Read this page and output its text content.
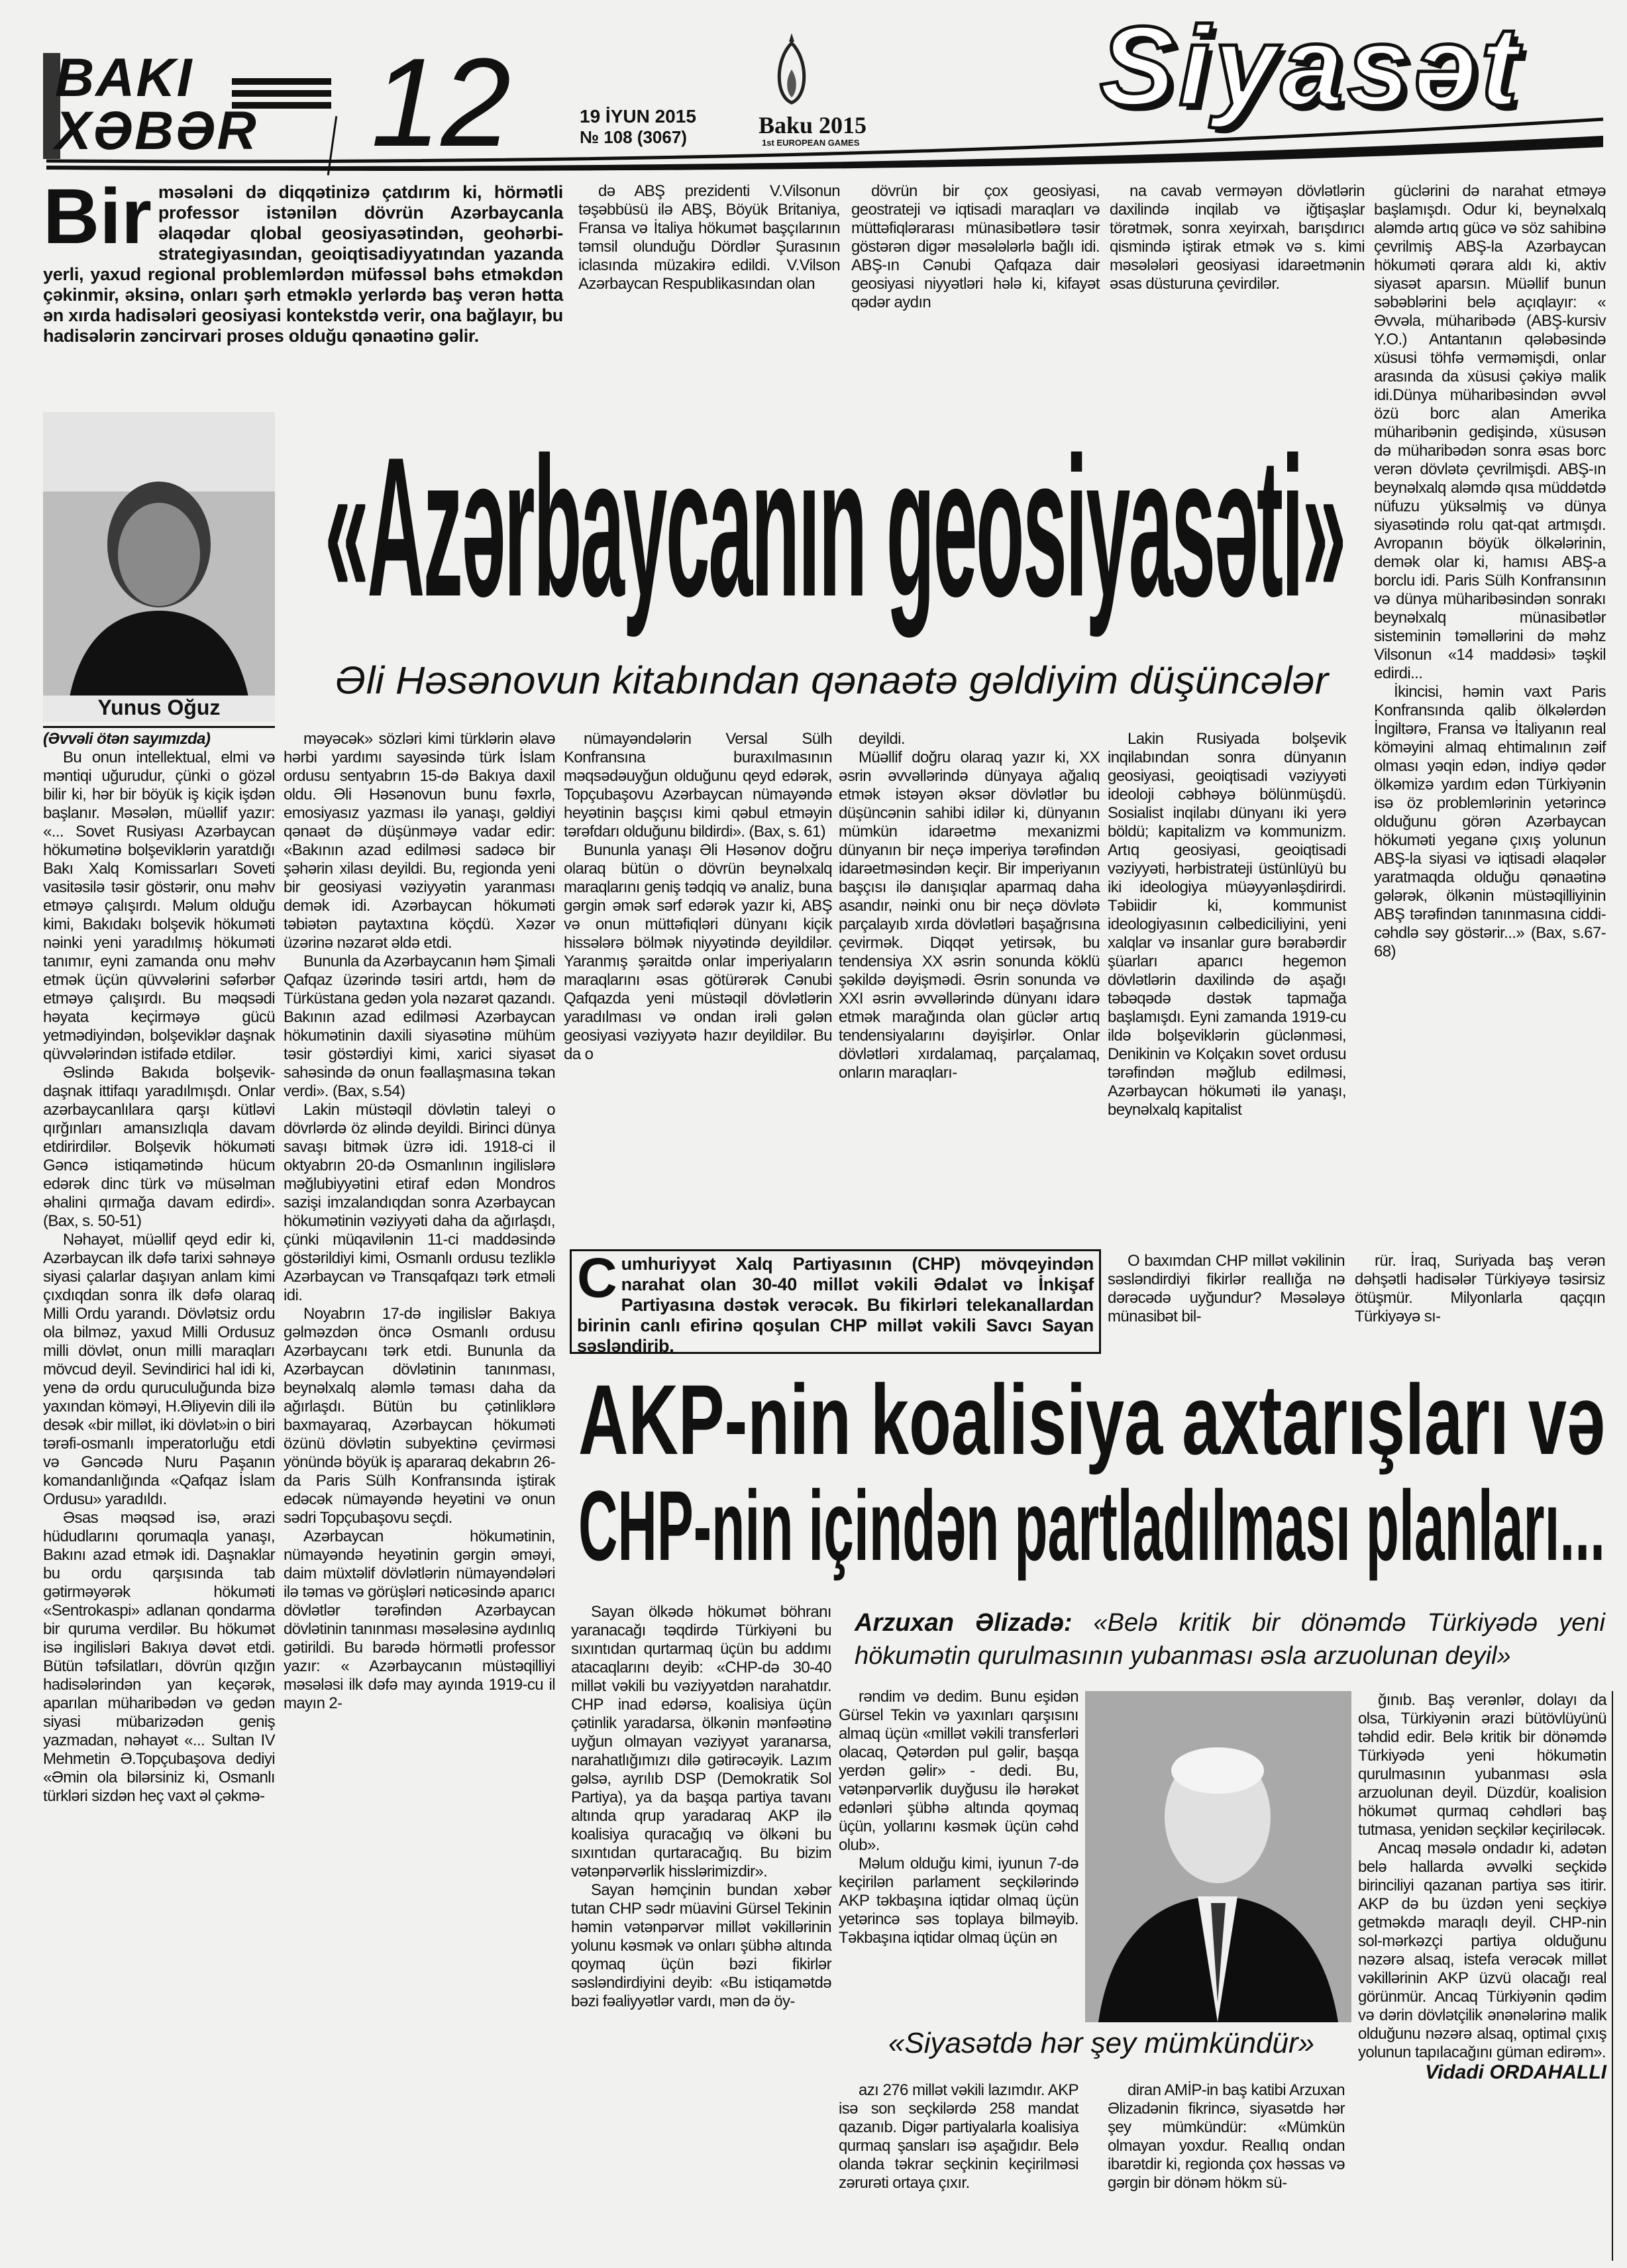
BAKI
XƏBƏR 12	19 İYUN 2015
№ 108 (3067)	Baku 2015
1st EUROPEAN GAMES
Siyasət
Bir məsələni də diqqətinizə çatdırım ki, hörmətli professor istənilən dövrün Azərbaycanla əlaqədar qlobal geosiyasətindən, geohərbi-strategiyasından, geoiqtisadiyyatından yazanda yerli, yaxud regional problemlərdən müfəssəl bəhs etməkdən çəkinmir, əksinə, onları şərh etməklə yerlərdə baş verən hətta ən xırda hadisələri geosiyasi kontekstdə verir, ona bağlayır, bu hadisələrin zəncirvari proses olduğu qənaətinə gəlir.

də ABŞ prezidenti V.Vilsonun təşəbbüsü ilə ABŞ, Böyük Britaniya, Fransa və İtaliya hökumət başçılarının təmsil olunduğu Dördlər Şurasının iclasında müzakirə edildi. V.Vilson Azərbaycan Respublikasından olan

dövrün bir çox geosiyasi, geostrateji və iqtisadi maraqları və müttəfiqlərarası münasibətlərə təsir göstərən digər məsələlərlə bağlı idi. ABŞ-ın Cənubi Qafqaza dair geosiyasi niyyətləri hələ ki, kifayət qədər aydın

na cavab verməyən dövlətlərin daxilində inqilab və iğtişaşlar törətmək, sonra xeyirxah, barışdırıcı qismində iştirak etmək və s. kimi məsələləri geosiyasi idarəetmənin əsas düsturuna çevirdilər.

güclərini də narahat etməyə başlamışdı. Odur ki, beynəlxalq aləmdə artıq gücə və söz sahibinə çevrilmiş ABŞ-la Azərbaycan hökuməti qərara aldı ki, aktiv siyasət aparsın. Müəllif bunun səbəblərini belə açıqlayır: « Əvvəla, müharibədə (ABŞ-kursiv Y.O.) Antantanın qələbəsində xüsusi töhfə verməmişdi, onlar arasında da xüsusi çəkiyə malik idi.Dünya müharibəsindən əvvəl özü borc alan Amerika müharibənin gedişində, xüsusən də müharibədən sonra əsas borc verən dövlətə çevrilmişdi. ABŞ-ın beynəlxalq aləmdə qısa müddətdə nüfuzu yüksəlmiş və dünya siyasətində rolu qat-qat artmışdı. Avropanın böyük ölkələrinin, demək olar ki, hamısı ABŞ-a borclu idi. Paris Sülh Konfransının və dünya müharibəsindən sonrakı beynəlxalq münasibətlər sisteminin təməllərini də məhz Vilsonun «14 maddəsi» təşkil edirdi...

İkincisi, həmin vaxt Paris Konfransında qalib ölkələrdən İngiltərə, Fransa və İtaliyanın real köməyini almaq ehtimalının zəif olması yəqin edən, indiyə qədər ölkəmizə yardım edən Türkiyənin isə öz problemlərinin yetərincə olduğunu görən Azərbaycan hökuməti yeganə çıxış yolunun ABŞ-la siyasi və iqtisadi əlaqələr yaratmaqda olduğu qənaətinə gələrək, ölkənin müstəqilliyinin ABŞ tərəfindən tanınmasına ciddi-cəhdlə səy göstərir...» (Bax, s.67-68)

Yunus Oğuz
«Azərbaycanın geosiyasəti»
Əli Həsənovun kitabından qənaətə gəldiyim düşüncələr

(Əvvəli ötən sayımızda)

Bu onun intellektual, elmi və məntiqi uğurudur, çünki o gözəl bilir ki, hər bir böyük iş kiçik işdən başlanır. Məsələn, müəllif yazır: «... Sovet Rusiyası Azərbaycan hökumətinə bolşeviklərin yaratdığı Bakı Xalq Komissarları Soveti vasitəsilə təsir göstərir, onu məhv etməyə çalışırdı. Məlum olduğu kimi, Bakıdakı bolşevik hökuməti nəinki yeni yaradılmış hökuməti tanımır, eyni zamanda onu məhv etmək üçün qüvvələrini səfərbər etməyə çalışırdı. Bu məqsədi həyata keçirməyə gücü yetmədiyindən, bolşeviklər daşnak qüvvələrindən istifadə etdilər.

Əslində Bakıda bolşevik-daşnak ittifaqı yaradılmışdı. Onlar azərbaycanlılara qarşı kütləvi qırğınları amansızlıqla davam etdirirdilər. Bolşevik hökuməti Gəncə istiqamətində hücum edərək dinc türk və müsəlman əhalini qırmağa davam edirdi». (Bax, s. 50-51)

Nəhayət, müəllif qeyd edir ki, Azərbaycan ilk dəfə tarixi səhnəyə siyasi çalarlar daşıyan anlam kimi çıxdıqdan sonra ilk dəfə olaraq Milli Ordu yarandı. Dövlətsiz ordu ola bilməz, yaxud Milli Ordusuz milli dövlət, onun milli maraqları mövcud deyil. Sevindirici hal idi ki, yenə də ordu quruculuğunda bizə yaxından köməyi, H.Əliyevin dili ilə desək «bir millət, iki dövlət»in o biri tərəfi-osmanlı imperatorluğu etdi və Gəncədə Nuru Paşanın komandanlığında «Qafqaz İslam Ordusu» yaradıldı.

Əsas məqsəd isə, ərazi hüdudlarını qorumaqla yanaşı, Bakını azad etmək idi. Daşnaklar bu ordu qarşısında tab gətirməyərək hökuməti «Sentrokaspi» adlanan qondarma bir quruma verdilər. Bu hökumət isə ingilisləri Bakıya dəvət etdi. Bütün təfsilatları, dövrün qızğın hadisələrindən yan keçərək, aparılan müharibədən və gedən siyasi mübarizədən geniş yazmadan, nəhayət «... Sultan IV Mehmetin Ə.Topçubaşova dediyi «Əmin ola bilərsiniz ki, Osmanlı türkləri sizdən heç vaxt əl çəkmə-

məyəcək» sözləri kimi türklərin əlavə hərbi yardımı sayəsində türk İslam ordusu sentyabrın 15-də Bakıya daxil oldu. Əli Həsənovun bunu fəxrlə, emosiyasız yazması ilə yanaşı, gəldiyi qənaət də düşünməyə vadar edir: «Bakının azad edilməsi sadəcə bir şəhərin xilası deyildi. Bu, regionda yeni bir geosiyasi vəziyyətin yaranması demək idi. Azərbaycan hökuməti təbiətən paytaxtına köçdü. Xəzər üzərinə nəzarət əldə etdi.

Bununla da Azərbaycanın həm Şimali Qafqaz üzərində təsiri artdı, həm də Türküstana gedən yola nəzarət qazandı. Bakının azad edilməsi Azərbaycan hökumətinin daxili siyasətinə mühüm təsir göstərdiyi kimi, xarici siyasət sahəsində də onun fəallaşmasına təkan verdi». (Bax, s.54)

Lakin müstəqil dövlətin taleyi o dövrlərdə öz əlində deyildi. Birinci dünya savaşı bitmək üzrə idi. 1918-ci il oktyabrın 20-də Osmanlının ingilislərə məğlubiyyətini etiraf edən Mondros sazişi imzalandıqdan sonra Azərbaycan hökumətinin vəziyyəti daha da ağırlaşdı, çünki müqavilənin 11-ci maddəsində göstərildiyi kimi, Osmanlı ordusu tezliklə Azərbaycan və Transqafqazı tərk etməli idi.

Noyabrın 17-də ingilislər Bakıya gəlməzdən öncə Osmanlı ordusu Azərbaycanı tərk etdi. Bununla da Azərbaycan dövlətinin tanınması, beynəlxalq aləmlə təması daha da ağırlaşdı. Bütün bu çətinliklərə baxmayaraq, Azərbaycan hökuməti özünü dövlətin subyektinə çevirməsi yönündə böyük iş apararaq dekabrın 26-da Paris Sülh Konfransında iştirak edəcək nümayəndə heyətini və onun sədri Topçubaşovu seçdi.

Azərbaycan hökumətinin, nümayəndə heyətinin gərgin əməyi, daim müxtəlif dövlətlərin nümayəndələri ilə təmas və görüşləri nəticəsində aparıcı dövlətlər tərəfindən Azərbaycan dövlətinin tanınması məsələsinə aydınlıq gətirildi. Bu barədə hörmətli professor yazır: « Azərbaycanın müstəqilliyi məsələsi ilk dəfə may ayında 1919-cu il mayın 2-

nümayəndələrin Versal Sülh Konfransına buraxılmasının məqsədəuyğun olduğunu qeyd edərək, Topçubaşovu Azərbaycan nümayəndə heyətinin başçısı kimi qəbul etməyin tərəfdarı olduğunu bildirdi». (Bax, s. 61)

Bununla yanaşı Əli Həsənov doğru olaraq bütün o dövrün beynəlxalq maraqlarını geniş tədqiq və analiz, buna gərgin əmək sərf edərək yazır ki, ABŞ və onun müttəfiqləri dünyanı kiçik hissələrə bölmək niyyətində deyildilər. Yaranmış şəraitdə onlar imperiyaların maraqlarını əsas götürərək Cənubi Qafqazda yeni müstəqil dövlətlərin yaradılması və ondan irəli gələn geosiyasi vəziyyətə hazır deyildilər. Bu da o

deyildi.

Müəllif doğru olaraq yazır ki, XX əsrin əvvəllərində dünyaya ağalıq etmək istəyən əksər dövlətlər bu düşüncənin sahibi idilər ki, dünyanın mümkün idarəetmə mexanizmi dünyanın bir neçə imperiya tərəfindən idarəetməsindən keçir. Bir imperiyanın başçısı ilə danışıqlar aparmaq daha asandır, nəinki onu bir neçə dövlətə parçalayıb xırda dövlətləri başağrısına çevirmək. Diqqət yetirsək, bu tendensiya XX əsrin sonunda köklü şəkildə dəyişmədi. Əsrin sonunda və XXI əsrin əvvəllərində dünyanı idarə etmək marağında olan güclər artıq tendensiyalarını dəyişirlər. Onlar dövlətləri xırdalamaq, parçalamaq, onların maraqları-

Lakin Rusiyada bolşevik inqilabından sonra dünyanın geosiyasi, geoiqtisadi vəziyyəti ideoloji cəbhəyə bölünmüşdü. Sosialist inqilabı dünyanı iki yerə böldü; kapitalizm və kommunizm. Artıq geosiyasi, geoiqtisadi vəziyyəti, hərbistrateji üstünlüyü bu iki ideologiya müəyyənləşdirirdi. Təbiidir ki, kommunist ideologiyasının cəlbediciliyini, yeni xalqlar və insanlar gurə bərabərdir şüarları aparıcı hegemon dövlətlərin daxilində də aşağı təbəqədə dəstək tapmağa başlamışdı. Eyni zamanda 1919-cu ildə bolşeviklərin güclənməsi, Denikinin və Kolçakın sovet ordusu tərəfindən məğlub edilməsi, Azərbaycan hökuməti ilə yanaşı, beynəlxalq kapitalist

C umhuriyyət Xalq Partiyasının (CHP) mövqeyindən narahat olan 30-40 millət vəkili Ədalət və İnkişaf Partiyasına dəstək verəcək. Bu fikirləri telekanallardan birinin canlı efirinə qoşulan CHP millət vəkili Savcı Sayan səsləndirib.

O baxımdan CHP millət vəkilinin səsləndirdiyi fikirlər reallığa nə dərəcədə uyğundur? Məsələyə münasibət bil-

rür. İraq, Suriyada baş verən dəhşətli hadisələr Türkiyəyə təsirsiz ötüşmür. Milyonlarla qaçqın Türkiyəyə sı-

AKP-nin koalisiya axtarışları və
CHP-nin içindən partladılması planları...

Sayan ölkədə hökumət böhranı yaranacağı təqdirdə Türkiyəni bu sıxıntıdan qurtarmaq üçün bu addımı atacaqlarını deyib: «CHP-də 30-40 millət vəkili bu vəziyyətdən narahatdır. CHP inad edərsə, koalisiya üçün çətinlik yaradarsa, ölkənin mənfəətinə uyğun olmayan vəziyyət yaranarsa, narahatlığımızı dilə gətirəcəyik. Lazım gəlsə, ayrılıb DSP (Demokratik Sol Partiya), ya da başqa partiya tavanı altında qrup yaradaraq AKP ilə koalisiya quracağıq və ölkəni bu sıxıntıdan qurtaracağıq. Bu bizim vətənpərvərlik hisslərimizdir».

Sayan həmçinin bundan xəbər tutan CHP sədr müavini Gürsel Tekinin həmin vətənpərvər millət vəkillərinin yolunu kəsmək və onları şübhə altında qoymaq üçün bəzi fikirlər səsləndirdiyini deyib: «Bu istiqamətdə bəzi fəaliyyətlər vardı, mən də öy-

Arzuxan Əlizadə: «Belə kritik bir dönəmdə Türkiyədə yeni hökumətin qurulmasının yubanması əsla arzuolunan deyil»

rəndim və dedim. Bunu eşidən Gürsel Tekin və yaxınları qarşısını almaq üçün «millət vəkili transferləri olacaq, Qətərdən pul gəlir, başqa yerdən gəlir» - dedi. Bu, vətənpərvərlik duyğusu ilə hərəkət edənləri şübhə altında qoymaq üçün, yollarını kəsmək üçün cəhd olub».

Məlum olduğu kimi, iyunun 7-də keçirilən parlament seçkilərində AKP təkbaşına iqtidar olmaq üçün yetərincə səs toplaya bilməyib. Təkbaşına iqtidar olmaq üçün ən

ğınıb. Baş verənlər, dolayı da olsa, Türkiyənin ərazi bütövlüyünü təhdid edir. Belə kritik bir dönəmdə Türkiyədə yeni hökumətin qurulmasının yubanması əsla arzuolunan deyil. Düzdür, koalision hökumət qurmaq cəhdləri baş tutmasa, yenidən seçkilər keçiriləcək.

Ancaq məsələ ondadır ki, adətən belə hallarda əvvəlki seçkidə birinciliyi qazanan partiya səs itirir. AKP də bu üzdən yeni seçkiyə getməkdə maraqlı deyil. CHP-nin sol-mərkəzçi partiya olduğunu nəzərə alsaq, istefa verəcək millət vəkillərinin AKP üzvü olacağı real görünmür. Ancaq Türkiyənin qədim və dərin dövlətçilik ənənələrinə malik olduğunu nəzərə alsaq, optimal çıxış yolunun tapılacağını güman edirəm».

Vidadi ORDAHALLI
«Siyasətdə hər şey mümkündür»

azı 276 millət vəkili lazımdır. AKP isə son seçkilərdə 258 mandat qazanıb. Digər partiyalarla koalisiya qurmaq şansları isə aşağıdır. Belə olanda təkrar seçkinin keçirilməsi zərurəti ortaya çıxır.

diran AMİP-in baş katibi Arzuxan Əlizadənin fikrincə, siyasətdə hər şey mümkündür: «Mümkün olmayan yoxdur. Reallıq ondan ibarətdir ki, regionda çox həssas və gərgin bir dönəm hökm sü-
